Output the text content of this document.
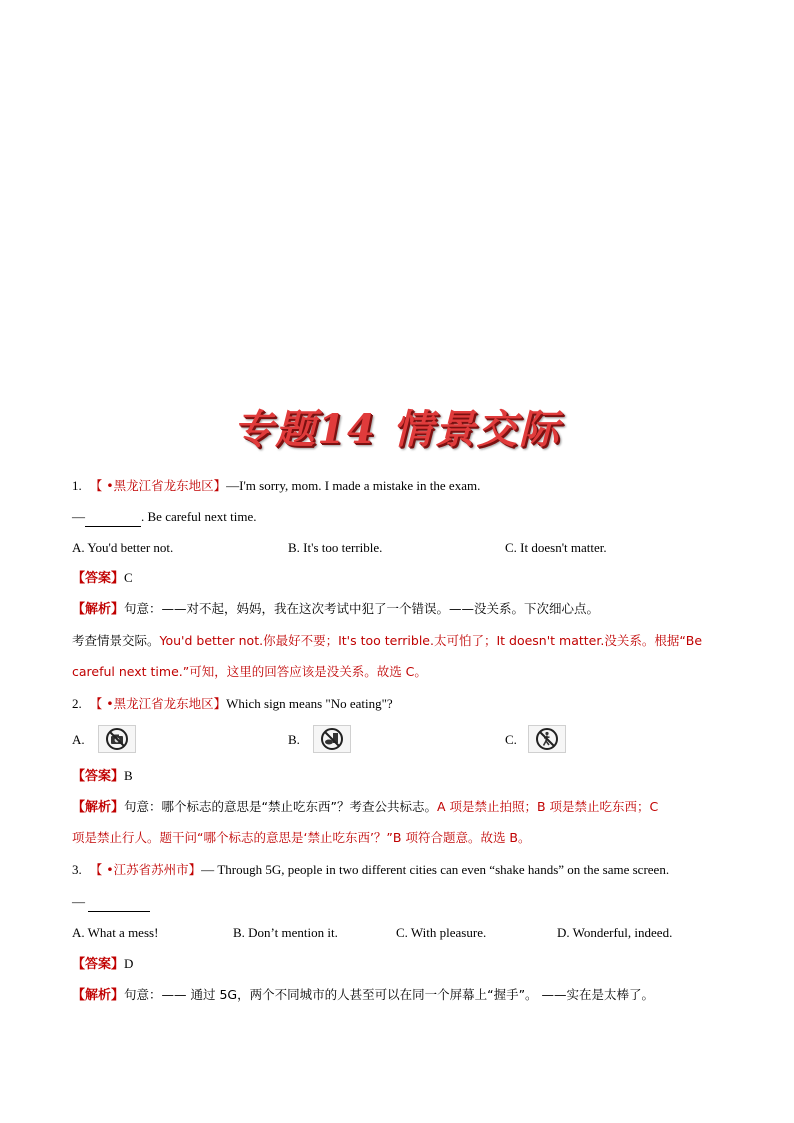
专题14 情景交际
1. 【 •黑龙江省龙东地区】—I'm sorry, mom. I made a mistake in the exam.
—	. Be careful next time.
A. You'd better not.	B. It's too terrible.	C. It doesn't matter.
【答案】C
【解析】句意：——对不起，妈妈，我在这次考试中犯了一个错误。——没关系。下次细心点。
考查情景交际。You'd better not.你最好不要；It's too terrible.太可怕了；It doesn't matter.没关系。根据“Be
careful next time.”可知，这里的回答应该是没关系。故选 C。
2. 【 •黑龙江省龙东地区】Which sign means "No eating"?
A.	B.	C.
【答案】B
【解析】句意：哪个标志的意思是“禁止吃东西”？考查公共标志。A 项是禁止拍照；B 项是禁止吃东西；C
项是禁止行人。题干问“哪个标志的意思是‘禁止吃东西’？”B 项符合题意。故选 B。
3. 【 •江苏省苏州市】— Through 5G, people in two different cities can even “shake hands” on the same screen.
—
A. What a mess!	B. Don’t mention it.	C. With pleasure.	D. Wonderful, indeed.
【答案】D
【解析】句意：—— 通过 5G，两个不同城市的人甚至可以在同一个屏幕上“握手”。 ——实在是太棒了。
